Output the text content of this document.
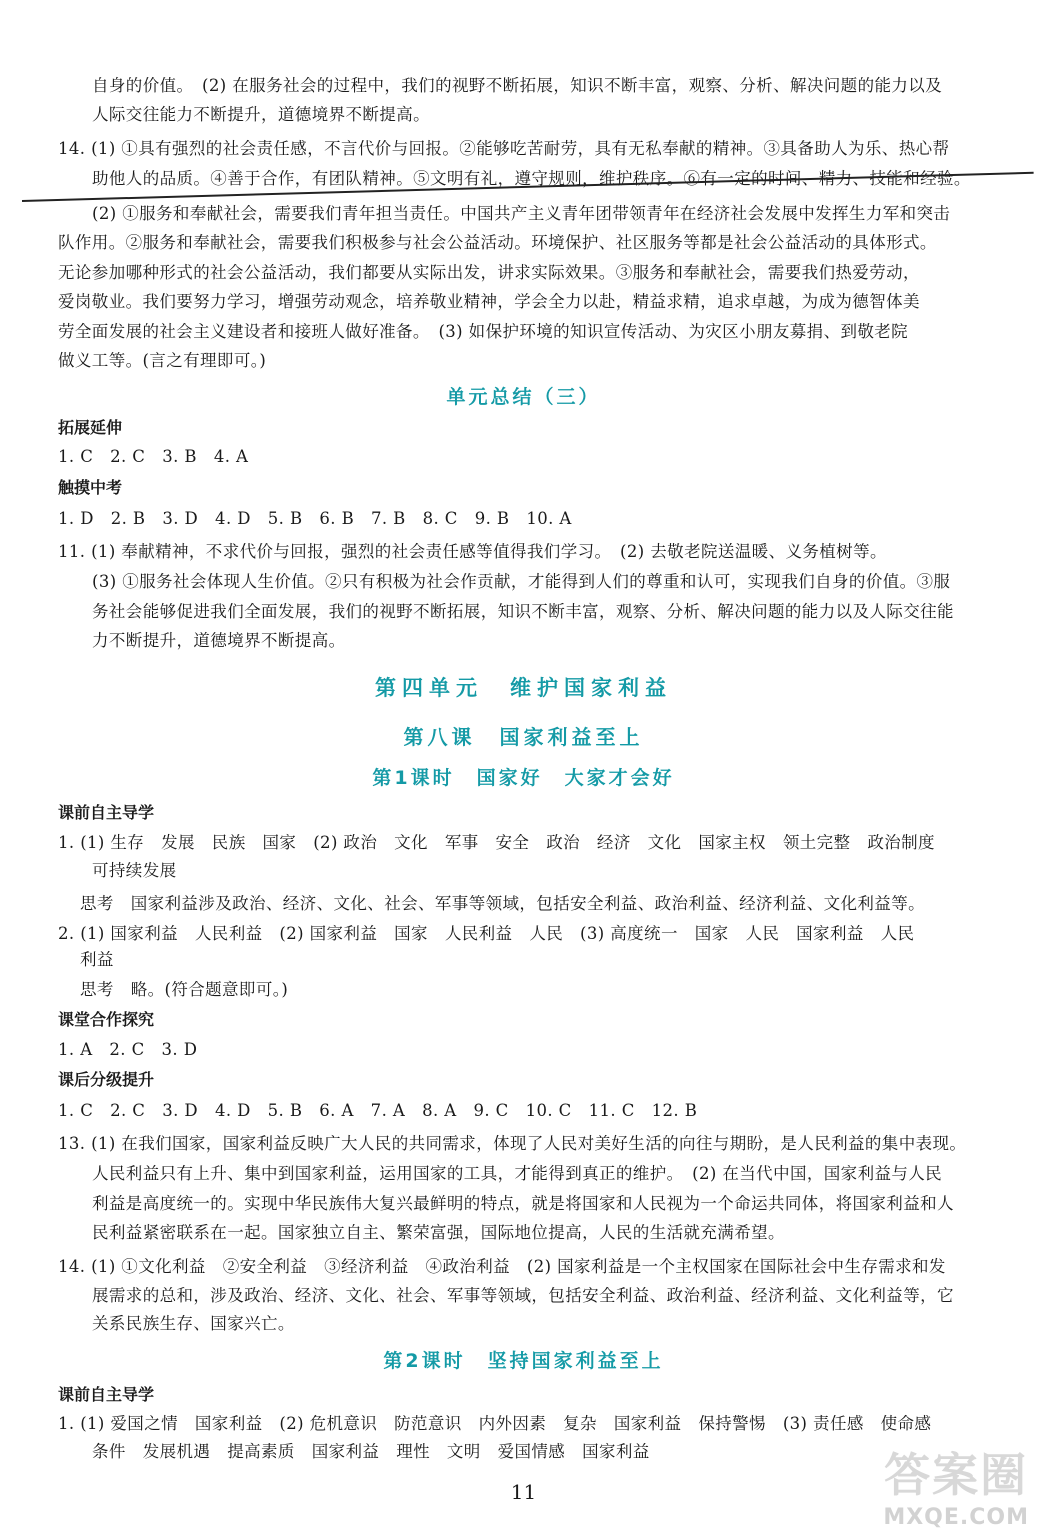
自身的价值。　(2) 在服务社会的过程中，我们的视野不断拓展，知识不断丰富，观察、分析、解决问题的能力以及
人际交往能力不断提升，道德境界不断提高。
14. (1) ①具有强烈的社会责任感，不言代价与回报。②能够吃苦耐劳，具有无私奉献的精神。③具备助人为乐、热心帮
助他人的品质。④善于合作，有团队精神。⑤文明有礼，遵守规则，维护秩序。⑥有一定的时间、精力、技能和经验。
(2) ①服务和奉献社会，需要我们青年担当责任。中国共产主义青年团带领青年在经济社会发展中发挥生力军和突击
队作用。②服务和奉献社会，需要我们积极参与社会公益活动。环境保护、社区服务等都是社会公益活动的具体形式。
无论参加哪种形式的社会公益活动，我们都要从实际出发，讲求实际效果。③服务和奉献社会，需要我们热爱劳动，
爱岗敬业。我们要努力学习，增强劳动观念，培养敬业精神，学会全力以赴，精益求精，追求卓越，为成为德智体美
劳全面发展的社会主义建设者和接班人做好准备。　(3) 如保护环境的知识宣传活动、为灾区小朋友募捐、到敬老院
做义工等。(言之有理即可。)
单元总结（三）
拓展延伸
1. C　2. C　3. B　4. A
触摸中考
1. D　2. B　3. D　4. D　5. B　6. B　7. B　8. C　9. B　10. A
11. (1) 奉献精神，不求代价与回报，强烈的社会责任感等值得我们学习。　(2) 去敬老院送温暖、义务植树等。
(3) ①服务社会体现人生价值。②只有积极为社会作贡献，才能得到人们的尊重和认可，实现我们自身的价值。③服
务社会能够促进我们全面发展，我们的视野不断拓展，知识不断丰富，观察、分析、解决问题的能力以及人际交往能
力不断提升，道德境界不断提高。
第四单元　维护国家利益
第八课　国家利益至上
第1课时　国家好　大家才会好
课前自主导学
1. (1) 生存　发展　民族　国家　(2) 政治　文化　军事　安全　政治　经济　文化　国家主权　领土完整　政治制度
可持续发展
思考　国家利益涉及政治、经济、文化、社会、军事等领域，包括安全利益、政治利益、经济利益、文化利益等。
2. (1) 国家利益　人民利益　(2) 国家利益　国家　人民利益　人民　(3) 高度统一　国家　人民　国家利益　人民
利益
思考　略。(符合题意即可。)
课堂合作探究
1. A　2. C　3. D
课后分级提升
1. C　2. C　3. D　4. D　5. B　6. A　7. A　8. A　9. C　10. C　11. C　12. B
13. (1) 在我们国家，国家利益反映广大人民的共同需求，体现了人民对美好生活的向往与期盼，是人民利益的集中表现。
人民利益只有上升、集中到国家利益，运用国家的工具，才能得到真正的维护。　(2) 在当代中国，国家利益与人民
利益是高度统一的。实现中华民族伟大复兴最鲜明的特点，就是将国家和人民视为一个命运共同体，将国家利益和人
民利益紧密联系在一起。国家独立自主、繁荣富强，国际地位提高，人民的生活就充满希望。
14. (1) ①文化利益　②安全利益　③经济利益　④政治利益　(2) 国家利益是一个主权国家在国际社会中生存需求和发
展需求的总和，涉及政治、经济、文化、社会、军事等领域，包括安全利益、政治利益、经济利益、文化利益等，它
关系民族生存、国家兴亡。
第2课时　坚持国家利益至上
课前自主导学
1. (1) 爱国之情　国家利益　(2) 危机意识　防范意识　内外因素　复杂　国家利益　保持警惕　(3) 责任感　使命感
条件　发展机遇　提高素质　国家利益　理性　文明　爱国情感　国家利益
11	答案圈
MXQE.COM
